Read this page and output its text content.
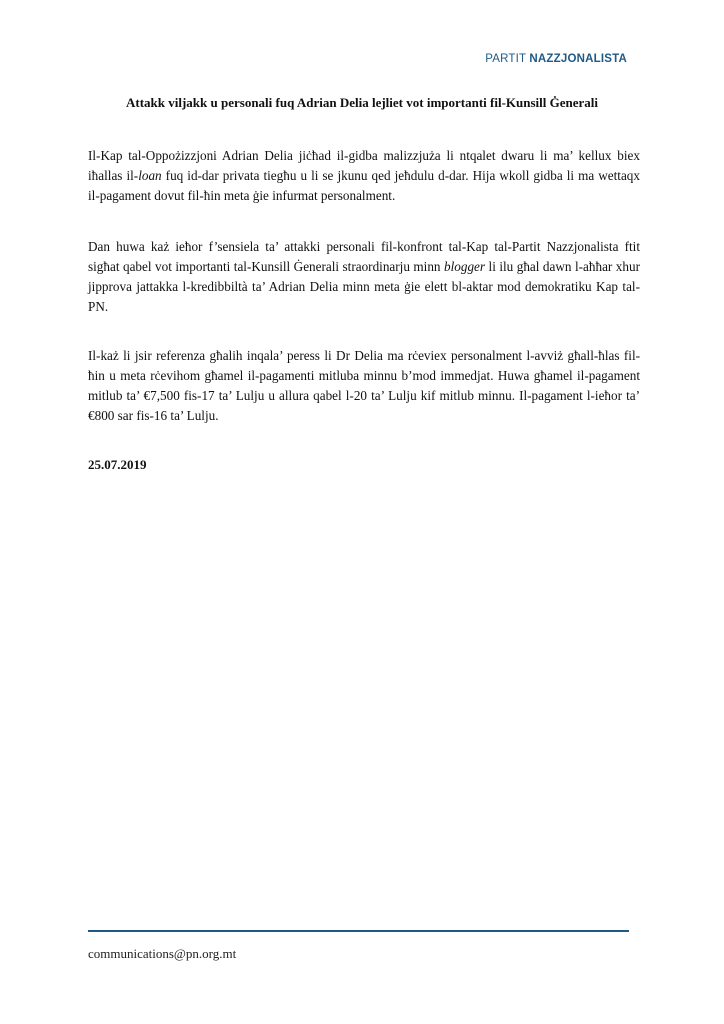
PARTIT NAZZJONALISTA
Attakk viljakk u personali fuq Adrian Delia lejliet vot importanti fil-Kunsill Ġenerali
Il-Kap tal-Oppożizzjoni Adrian Delia jiċħad il-gidba malizzjuża li ntqalet dwaru li ma’ kellux biex iħallas il-loan fuq id-dar privata tiegħu u li se jkunu qed jeħdulu d-dar. Hija wkoll gidba li ma wettaqx il-pagament dovut fil-ħin meta ġie infurmat personalment.
Dan huwa każ ieħor f’sensiela ta’ attakki personali fil-konfront tal-Kap tal-Partit Nazzjonalista ftit sigħat qabel vot importanti tal-Kunsill Ġenerali straordinarju minn blogger li ilu għal dawn l-aħħar xhur jipprova jattakka l-kredibbiltà ta’ Adrian Delia minn meta ġie elett bl-aktar mod demokratiku Kap tal-PN.
Il-każ li jsir referenza għalih inqala’ peress li Dr Delia ma rċeviex personalment l-avviż għall-ħlas fil-ħin u meta rċevihom għamel il-pagamenti mitluba minnu b’mod immedjat. Huwa għamel il-pagament mitlub ta’ €7,500 fis-17 ta’ Lulju u allura qabel l-20 ta’ Lulju kif mitlub minnu. Il-pagament l-ieħor ta’ €800 sar fis-16 ta’ Lulju.
25.07.2019
communications@pn.org.mt
